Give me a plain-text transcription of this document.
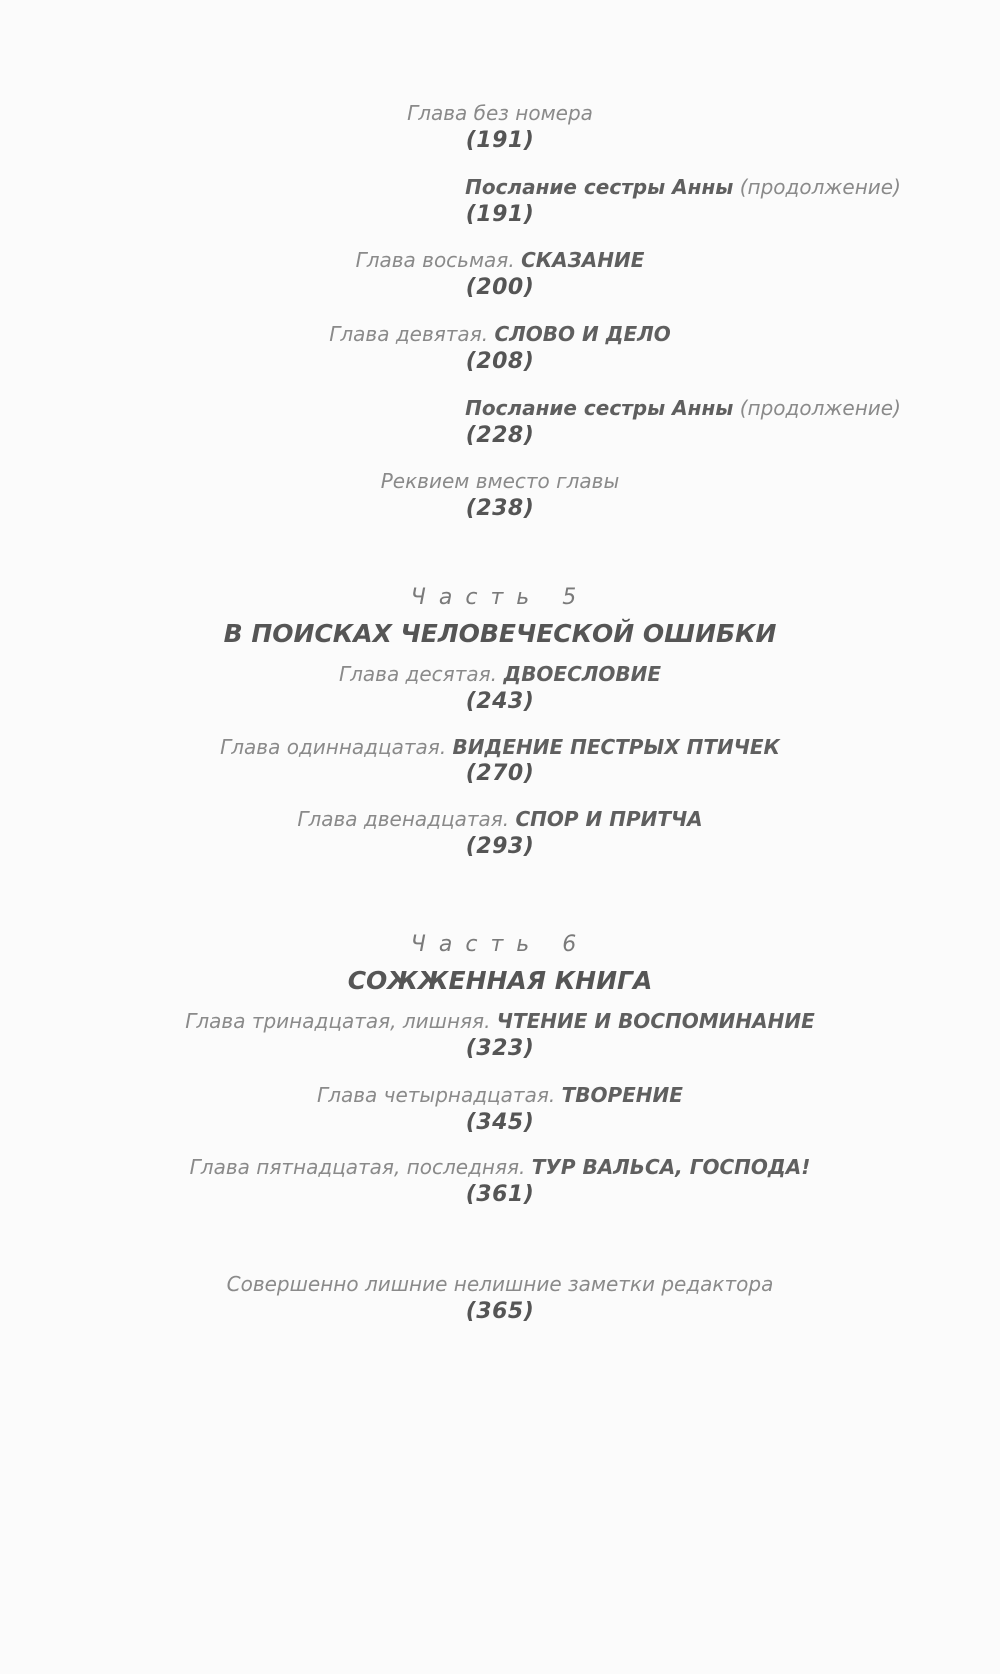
Глава без номера
(191)
Послание сестры Анны (продолжение)
(191)
Глава восьмая. СКАЗАНИЕ
(200)
Глава девятая. СЛОВО И ДЕЛО
(208)
Послание сестры Анны (продолжение)
(228)
Реквием вместо главы
(238)
Часть 5
В ПОИСКАХ ЧЕЛОВЕЧЕСКОЙ ОШИБКИ
Глава десятая. ДВОЕСЛОВИЕ
(243)
Глава одиннадцатая. ВИДЕНИЕ ПЕСТРЫХ ПТИЧЕК
(270)
Глава двенадцатая. СПОР И ПРИТЧА
(293)
Часть 6
СОЖЖЕННАЯ КНИГА
Глава тринадцатая, лишняя. ЧТЕНИЕ И ВОСПОМИНАНИЕ
(323)
Глава четырнадцатая. ТВОРЕНИЕ
(345)
Глава пятнадцатая, последняя. ТУР ВАЛЬСА, ГОСПОДА!
(361)
Совершенно лишние нелишние заметки редактора
(365)
